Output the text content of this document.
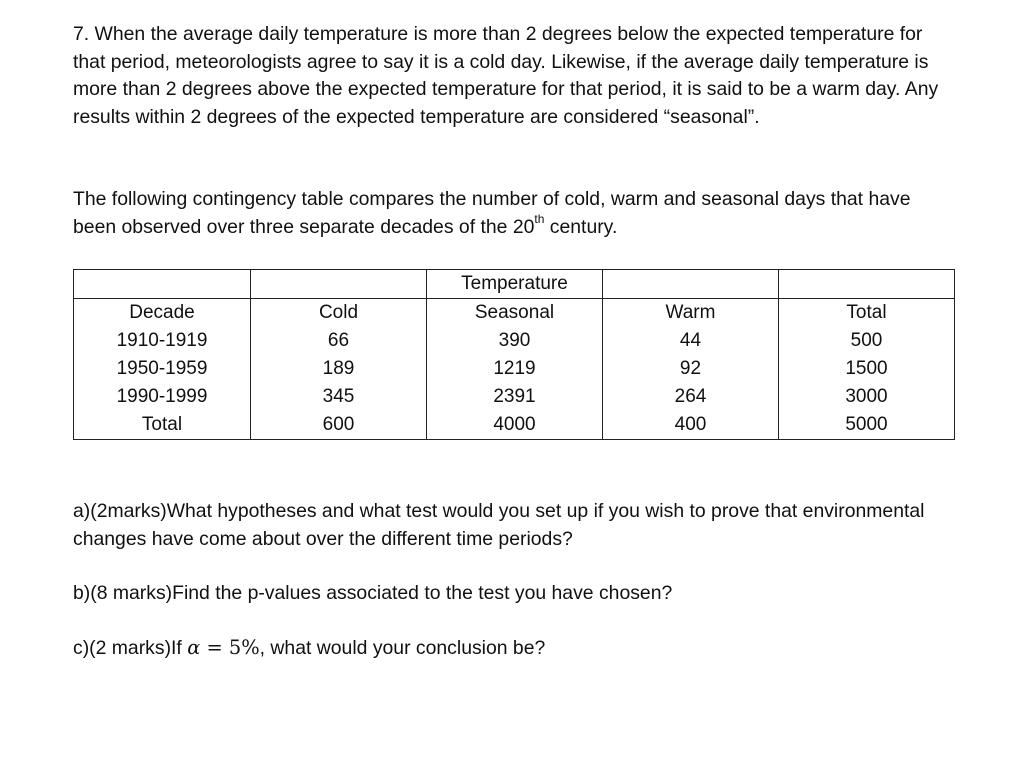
7. When the average daily temperature is more than 2 degrees below the expected temperature for that period, meteorologists agree to say it is a cold day. Likewise, if the average daily temperature is more than 2 degrees above the expected temperature for that period, it is said to be a warm day. Any results within 2 degrees of the expected temperature are considered “seasonal”.

The following contingency table compares the number of cold, warm and seasonal days that have been observed over three separate decades of the 20th century.

		Temperature		
Decade	Cold	Seasonal	Warm	Total
1910-1919	66	390	44	500
1950-1959	189	1219	92	1500
1990-1999	345	2391	264	3000
Total	600	4000	400	5000

a)(2marks)What hypotheses and what test would you set up if you wish to prove that environmental changes have come about over the different time periods?

b)(8 marks)Find the p-values associated to the test you have chosen?

c)(2 marks)If α = 5%, what would your conclusion be?
